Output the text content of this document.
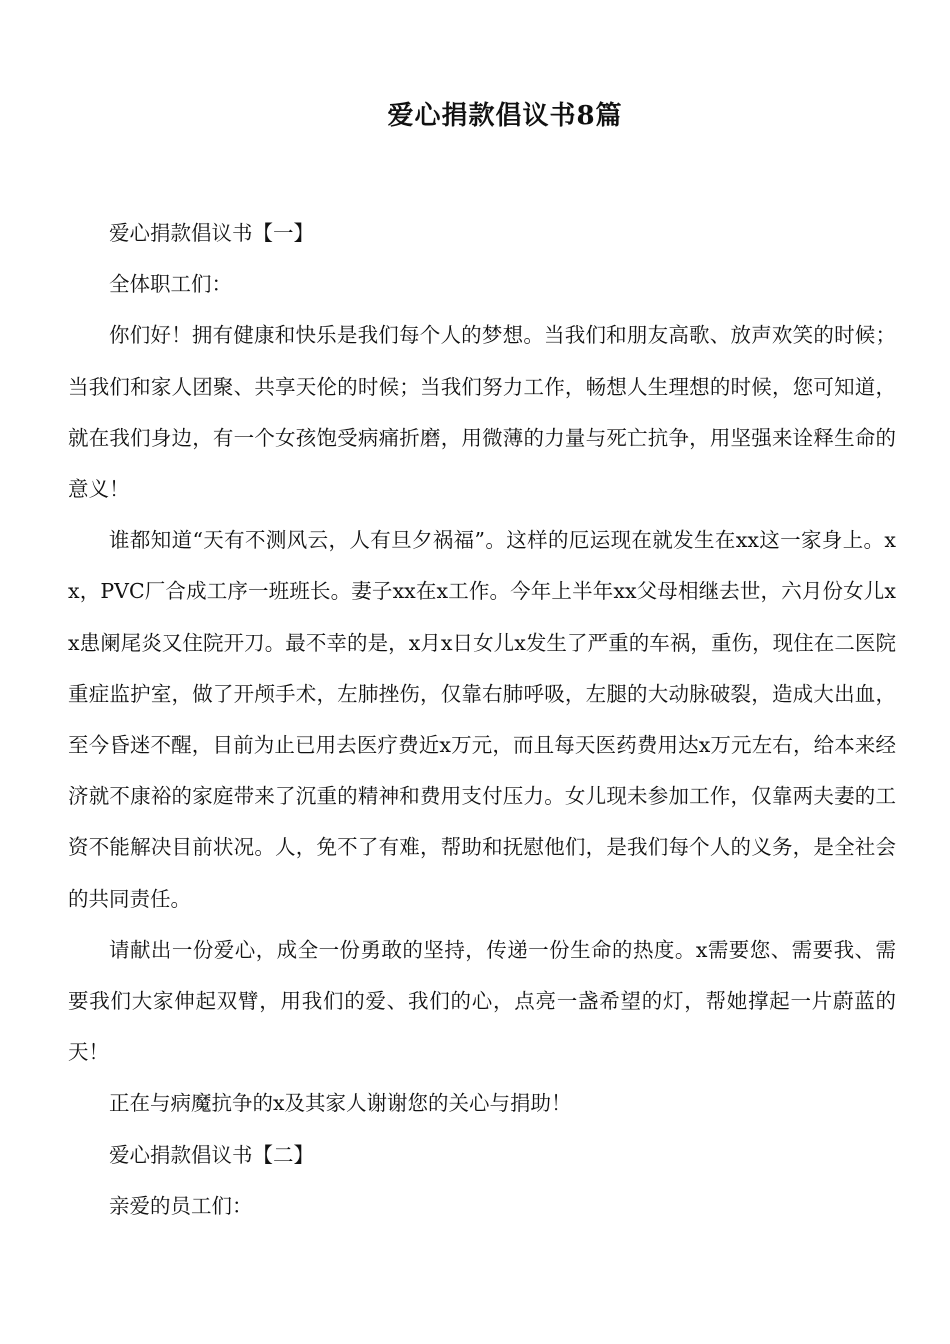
爱心捐款倡议书8篇

爱心捐款倡议书【一】

全体职工们：

你们好！拥有健康和快乐是我们每个人的梦想。当我们和朋友高歌、放声欢笑的时候；当我们和家人团聚、共享天伦的时候；当我们努力工作，畅想人生理想的时候，您可知道，就在我们身边，有一个女孩饱受病痛折磨，用微薄的力量与死亡抗争，用坚强来诠释生命的意义！

谁都知道“天有不测风云，人有旦夕祸福”。这样的厄运现在就发生在xx这一家身上。xx，PVC厂合成工序一班班长。妻子xx在x工作。今年上半年xx父母相继去世，六月份女儿xx患阑尾炎又住院开刀。最不幸的是，x月x日女儿x发生了严重的车祸，重伤，现住在二医院重症监护室，做了开颅手术，左肺挫伤，仅靠右肺呼吸，左腿的大动脉破裂，造成大出血，至今昏迷不醒，目前为止已用去医疗费近x万元，而且每天医药费用达x万元左右，给本来经济就不康裕的家庭带来了沉重的精神和费用支付压力。女儿现未参加工作，仅靠两夫妻的工资不能解决目前状况。人，免不了有难，帮助和抚慰他们，是我们每个人的义务，是全社会的共同责任。

请献出一份爱心，成全一份勇敢的坚持，传递一份生命的热度。x需要您、需要我、需要我们大家伸起双臂，用我们的爱、我们的心，点亮一盏希望的灯，帮她撑起一片蔚蓝的天！

正在与病魔抗争的x及其家人谢谢您的关心与捐助！

爱心捐款倡议书【二】

亲爱的员工们：
